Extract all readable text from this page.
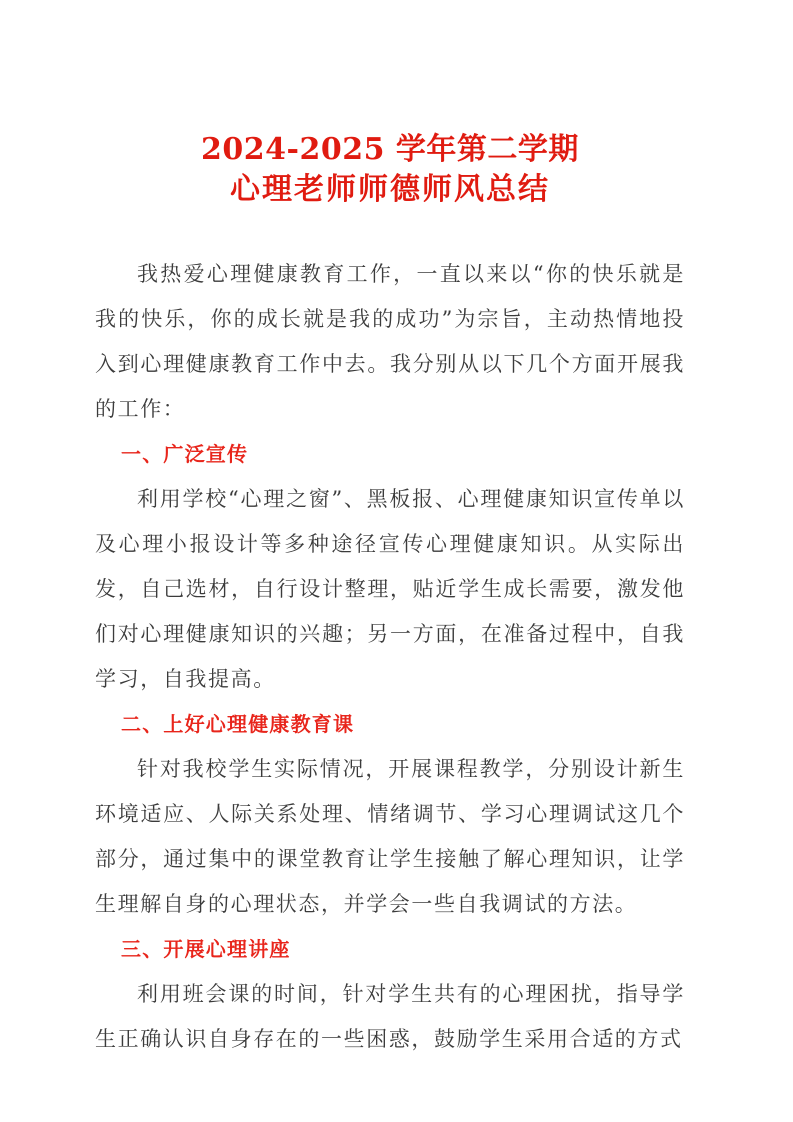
2024-2025 学年第二学期
心理老师师德师风总结

我热爱心理健康教育工作，一直以来以“你的快乐就是我的快乐，你的成长就是我的成功”为宗旨，主动热情地投入到心理健康教育工作中去。我分别从以下几个方面开展我的工作：

一、广泛宣传

利用学校“心理之窗”、黑板报、心理健康知识宣传单以及心理小报设计等多种途径宣传心理健康知识。从实际出发，自己选材，自行设计整理，贴近学生成长需要，激发他们对心理健康知识的兴趣；另一方面，在准备过程中，自我学习，自我提高。

二、上好心理健康教育课

针对我校学生实际情况，开展课程教学，分别设计新生环境适应、人际关系处理、情绪调节、学习心理调试这几个部分，通过集中的课堂教育让学生接触了解心理知识，让学生理解自身的心理状态，并学会一些自我调试的方法。

三、开展心理讲座

利用班会课的时间，针对学生共有的心理困扰，指导学生正确认识自身存在的一些困惑，鼓励学生采用合适的方式
